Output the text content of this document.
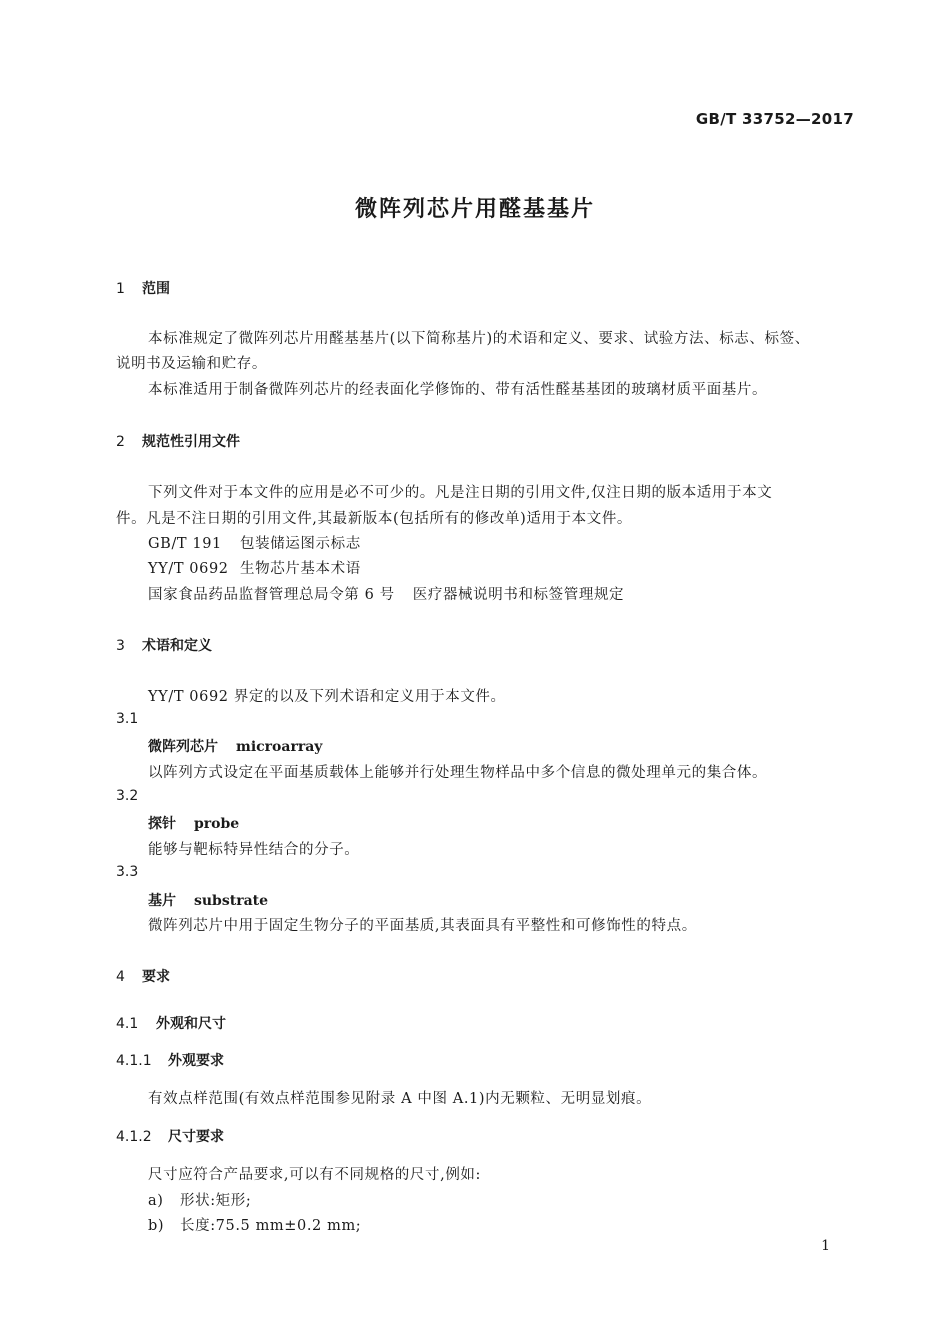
GB/T 33752—2017
微阵列芯片用醛基基片
1 范围
本标准规定了微阵列芯片用醛基基片(以下简称基片)的术语和定义、要求、试验方法、标志、标签、
说明书及运输和贮存。
本标准适用于制备微阵列芯片的经表面化学修饰的、带有活性醛基基团的玻璃材质平面基片。
2 规范性引用文件
下列文件对于本文件的应用是必不可少的。凡是注日期的引用文件,仅注日期的版本适用于本文
件。凡是不注日期的引用文件,其最新版本(包括所有的修改单)适用于本文件。
GB/T 191 包装储运图示标志
YY/T 0692 生物芯片基本术语
国家食品药品监督管理总局令第 6 号 医疗器械说明书和标签管理规定
3 术语和定义
YY/T 0692 界定的以及下列术语和定义用于本文件。
3.1
微阵列芯片 microarray
以阵列方式设定在平面基质载体上能够并行处理生物样品中多个信息的微处理单元的集合体。
3.2
探针 probe
能够与靶标特异性结合的分子。
3.3
基片 substrate
微阵列芯片中用于固定生物分子的平面基质,其表面具有平整性和可修饰性的特点。
4 要求
4.1 外观和尺寸
4.1.1 外观要求
有效点样范围(有效点样范围参见附录 A 中图 A.1)内无颗粒、无明显划痕。
4.1.2 尺寸要求
尺寸应符合产品要求,可以有不同规格的尺寸,例如:
a) 形状:矩形;
b) 长度:75.5 mm±0.2 mm;
1
